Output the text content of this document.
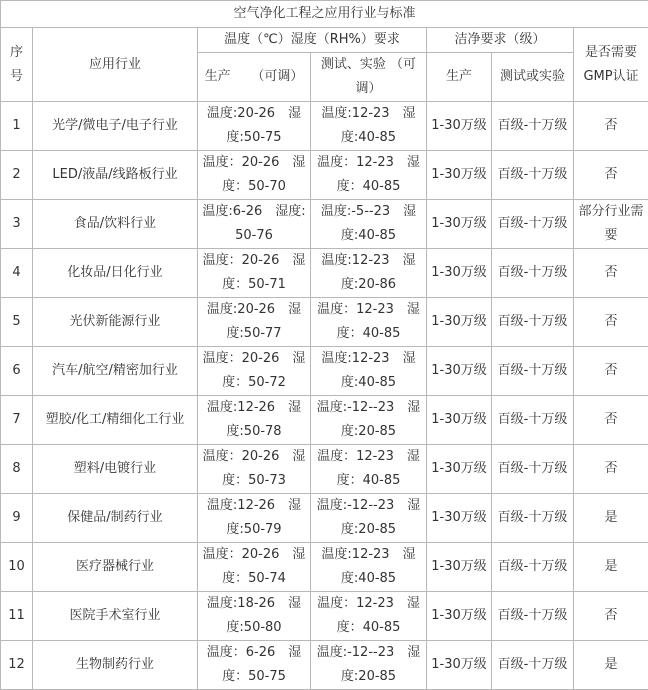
空气净化工程之应用行业与标准						
序号	应用行业	温度（℃）湿度（RH%）要求		洁净要求（级）		是否需要GMP认证
		生产 （可调）	测试、实验 （可调）	生产	测试或实验	
1	光学/微电子/电子行业	温度:20-26　湿度:50-75	温度:12-23　湿度:40-85	1-30万级	百级-十万级	否
2	LED/液晶/线路板行业	温度：20-26　湿度：50-70	温度：12-23　湿度：40-85	1-30万级	百级-十万级	否
3	食品/饮料行业	温度:6-26　湿度:50-76	温度:-5--23　湿度:40-85	1-30万级	百级-十万级	部分行业需要
4	化妆品/日化行业	温度：20-26　湿度：50-71	温度:12-23　湿度:20-86	1-30万级	百级-十万级	否
5	光伏新能源行业	温度:20-26　湿度:50-77	温度：12-23　湿度：40-85	1-30万级	百级-十万级	否
6	汽车/航空/精密加行业	温度：20-26　湿度：50-72	温度:12-23　湿度:40-85	1-30万级	百级-十万级	否
7	塑胶/化工/精细化工行业	温度:12-26　湿度:50-78	温度:-12--23　湿度:20-85	1-30万级	百级-十万级	否
8	塑料/电镀行业	温度：20-26　湿度：50-73	温度：12-23　湿度：40-85	1-30万级	百级-十万级	否
9	保健品/制药行业	温度:12-26　湿度:50-79	温度:-12--23　湿度:20-85	1-30万级	百级-十万级	是
10	医疗器械行业	温度：20-26　湿度：50-74	温度:12-23　湿度:40-85	1-30万级	百级-十万级	是
11	医院手术室行业	温度:18-26　湿度:50-80	温度：12-23　湿度：40-85	1-30万级	百级-十万级	否
12	生物制药行业	温度：6-26　湿度：50-75	温度:-12--23　湿度:20-85	1-30万级	百级-十万级	是
